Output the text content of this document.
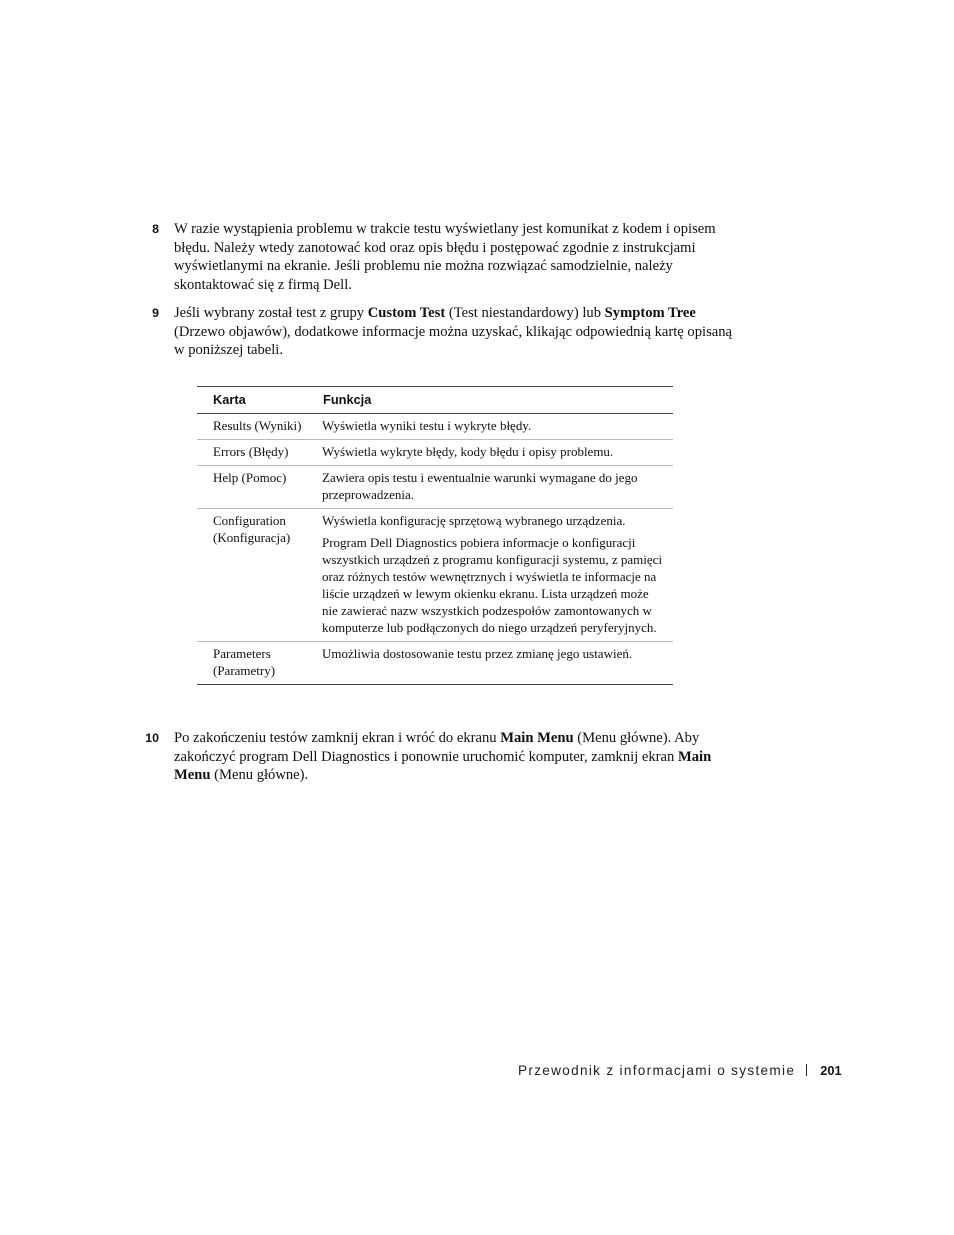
8 W razie wystąpienia problemu w trakcie testu wyświetlany jest komunikat z kodem i opisem błędu. Należy wtedy zanotować kod oraz opis błędu i postępować zgodnie z instrukcjami wyświetlanymi na ekranie. Jeśli problemu nie można rozwiązać samodzielnie, należy skontaktować się z firmą Dell.
9 Jeśli wybrany został test z grupy Custom Test (Test niestandardowy) lub Symptom Tree (Drzewo objawów), dodatkowe informacje można uzyskać, klikając odpowiednią kartę opisaną w poniższej tabeli.
Karta	Funkcja
Results (Wyniki)	Wyświetla wyniki testu i wykryte błędy.

Errors (Błędy)	Wyświetla wykryte błędy, kody błędu i opisy problemu.

Help (Pomoc)	Zawiera opis testu i ewentualnie warunki wymagane do jego przeprowadzenia.

Configuration (Konfiguracja)	Wyświetla konfigurację sprzętową wybranego urządzenia.

Program Dell Diagnostics pobiera informacje o konfiguracji wszystkich urządzeń z programu konfiguracji systemu, z pamięci oraz różnych testów wewnętrznych i wyświetla te informacje na liście urządzeń w lewym okienku ekranu. Lista urządzeń może nie zawierać nazw wszystkich podzespołów zamontowanych w komputerze lub podłączonych do niego urządzeń peryferyjnych.

Parameters (Parametry)	Umożliwia dostosowanie testu przez zmianę jego ustawień.

10 Po zakończeniu testów zamknij ekran i wróć do ekranu Main Menu (Menu główne). Aby zakończyć program Dell Diagnostics i ponownie uruchomić komputer, zamknij ekran Main Menu (Menu główne).
Przewodnik z informacjami o systemie 201
